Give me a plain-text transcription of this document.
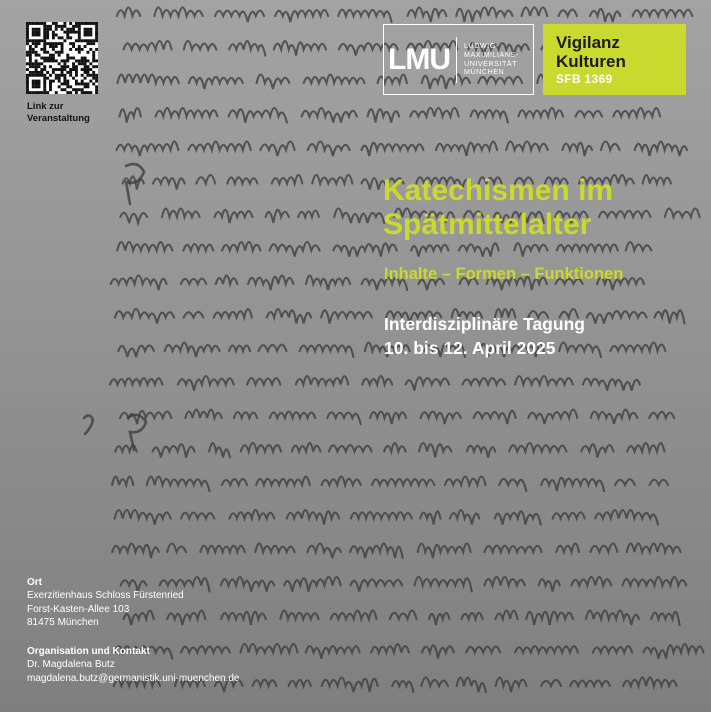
Link zur
Veranstaltung
LMU	LUDWIG-
MAXIMILIANS-
UNIVERSITÄT
MÜNCHEN
Vigilanz
Kulturen
SFB 1369
Katechismen im
Spätmittelalter
Inhalte – Formen – Funktionen
Interdisziplinäre Tagung
10. bis 12. April 2025
Ort
Exerzitienhaus Schloss Fürstenried
Forst-Kasten-Allee 103
81475 München
Organisation und Kontakt
Dr. Magdalena Butz
magdalena.butz@germanistik.uni-muenchen.de
